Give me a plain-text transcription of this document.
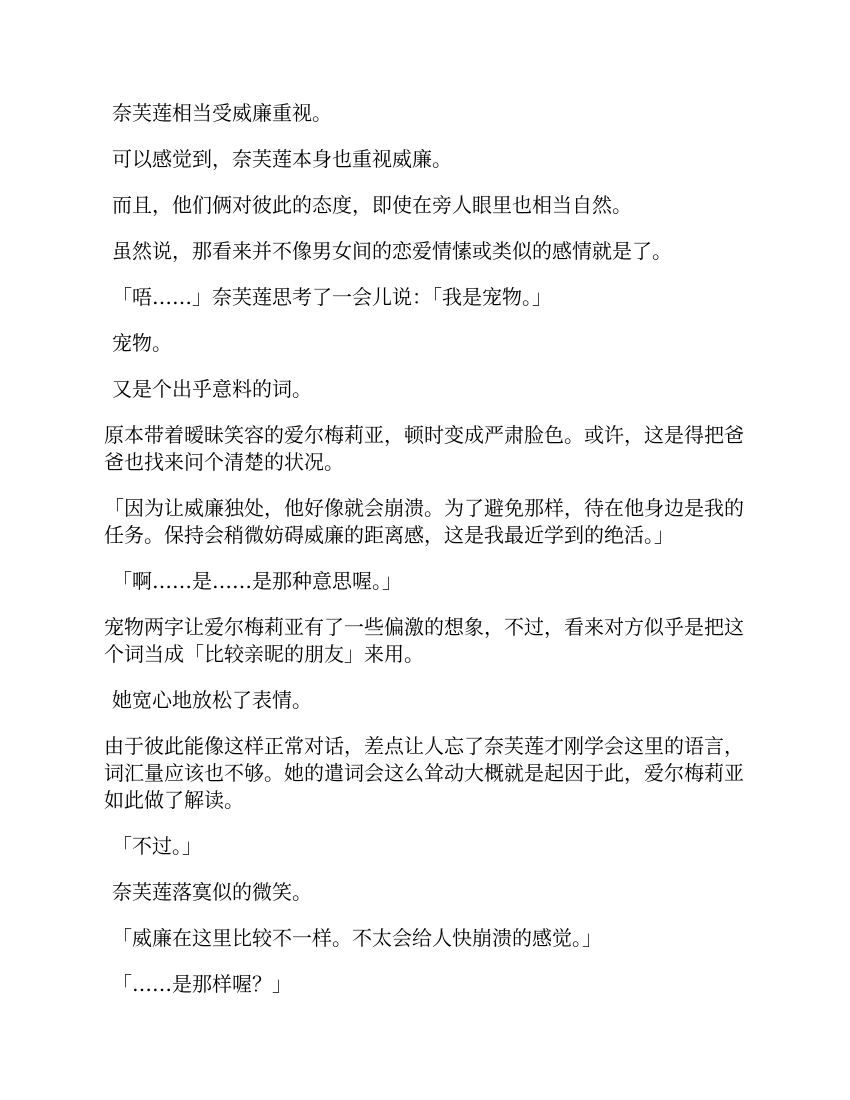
奈芙莲相当受威廉重视。

可以感觉到，奈芙莲本身也重视威廉。

而且，他们俩对彼此的态度，即使在旁人眼里也相当自然。

虽然说，那看来并不像男女间的恋爱情愫或类似的感情就是了。

「唔……」奈芙莲思考了一会儿说：「我是宠物。」

宠物。

又是个出乎意料的词。

原本带着暧昧笑容的爱尔梅莉亚，顿时变成严肃脸色。或许，这是得把爸爸也找来问个清楚的状况。

「因为让威廉独处，他好像就会崩溃。为了避免那样，待在他身边是我的任务。保持会稍微妨碍威廉的距离感，这是我最近学到的绝活。」

「啊……是……是那种意思喔。」

宠物两字让爱尔梅莉亚有了一些偏激的想象，不过，看来对方似乎是把这个词当成「比较亲昵的朋友」来用。

她宽心地放松了表情。

由于彼此能像这样正常对话，差点让人忘了奈芙莲才刚学会这里的语言，词汇量应该也不够。她的遣词会这么耸动大概就是起因于此，爱尔梅莉亚如此做了解读。

「不过。」

奈芙莲落寞似的微笑。

「威廉在这里比较不一样。不太会给人快崩溃的感觉。」

「……是那样喔？」
